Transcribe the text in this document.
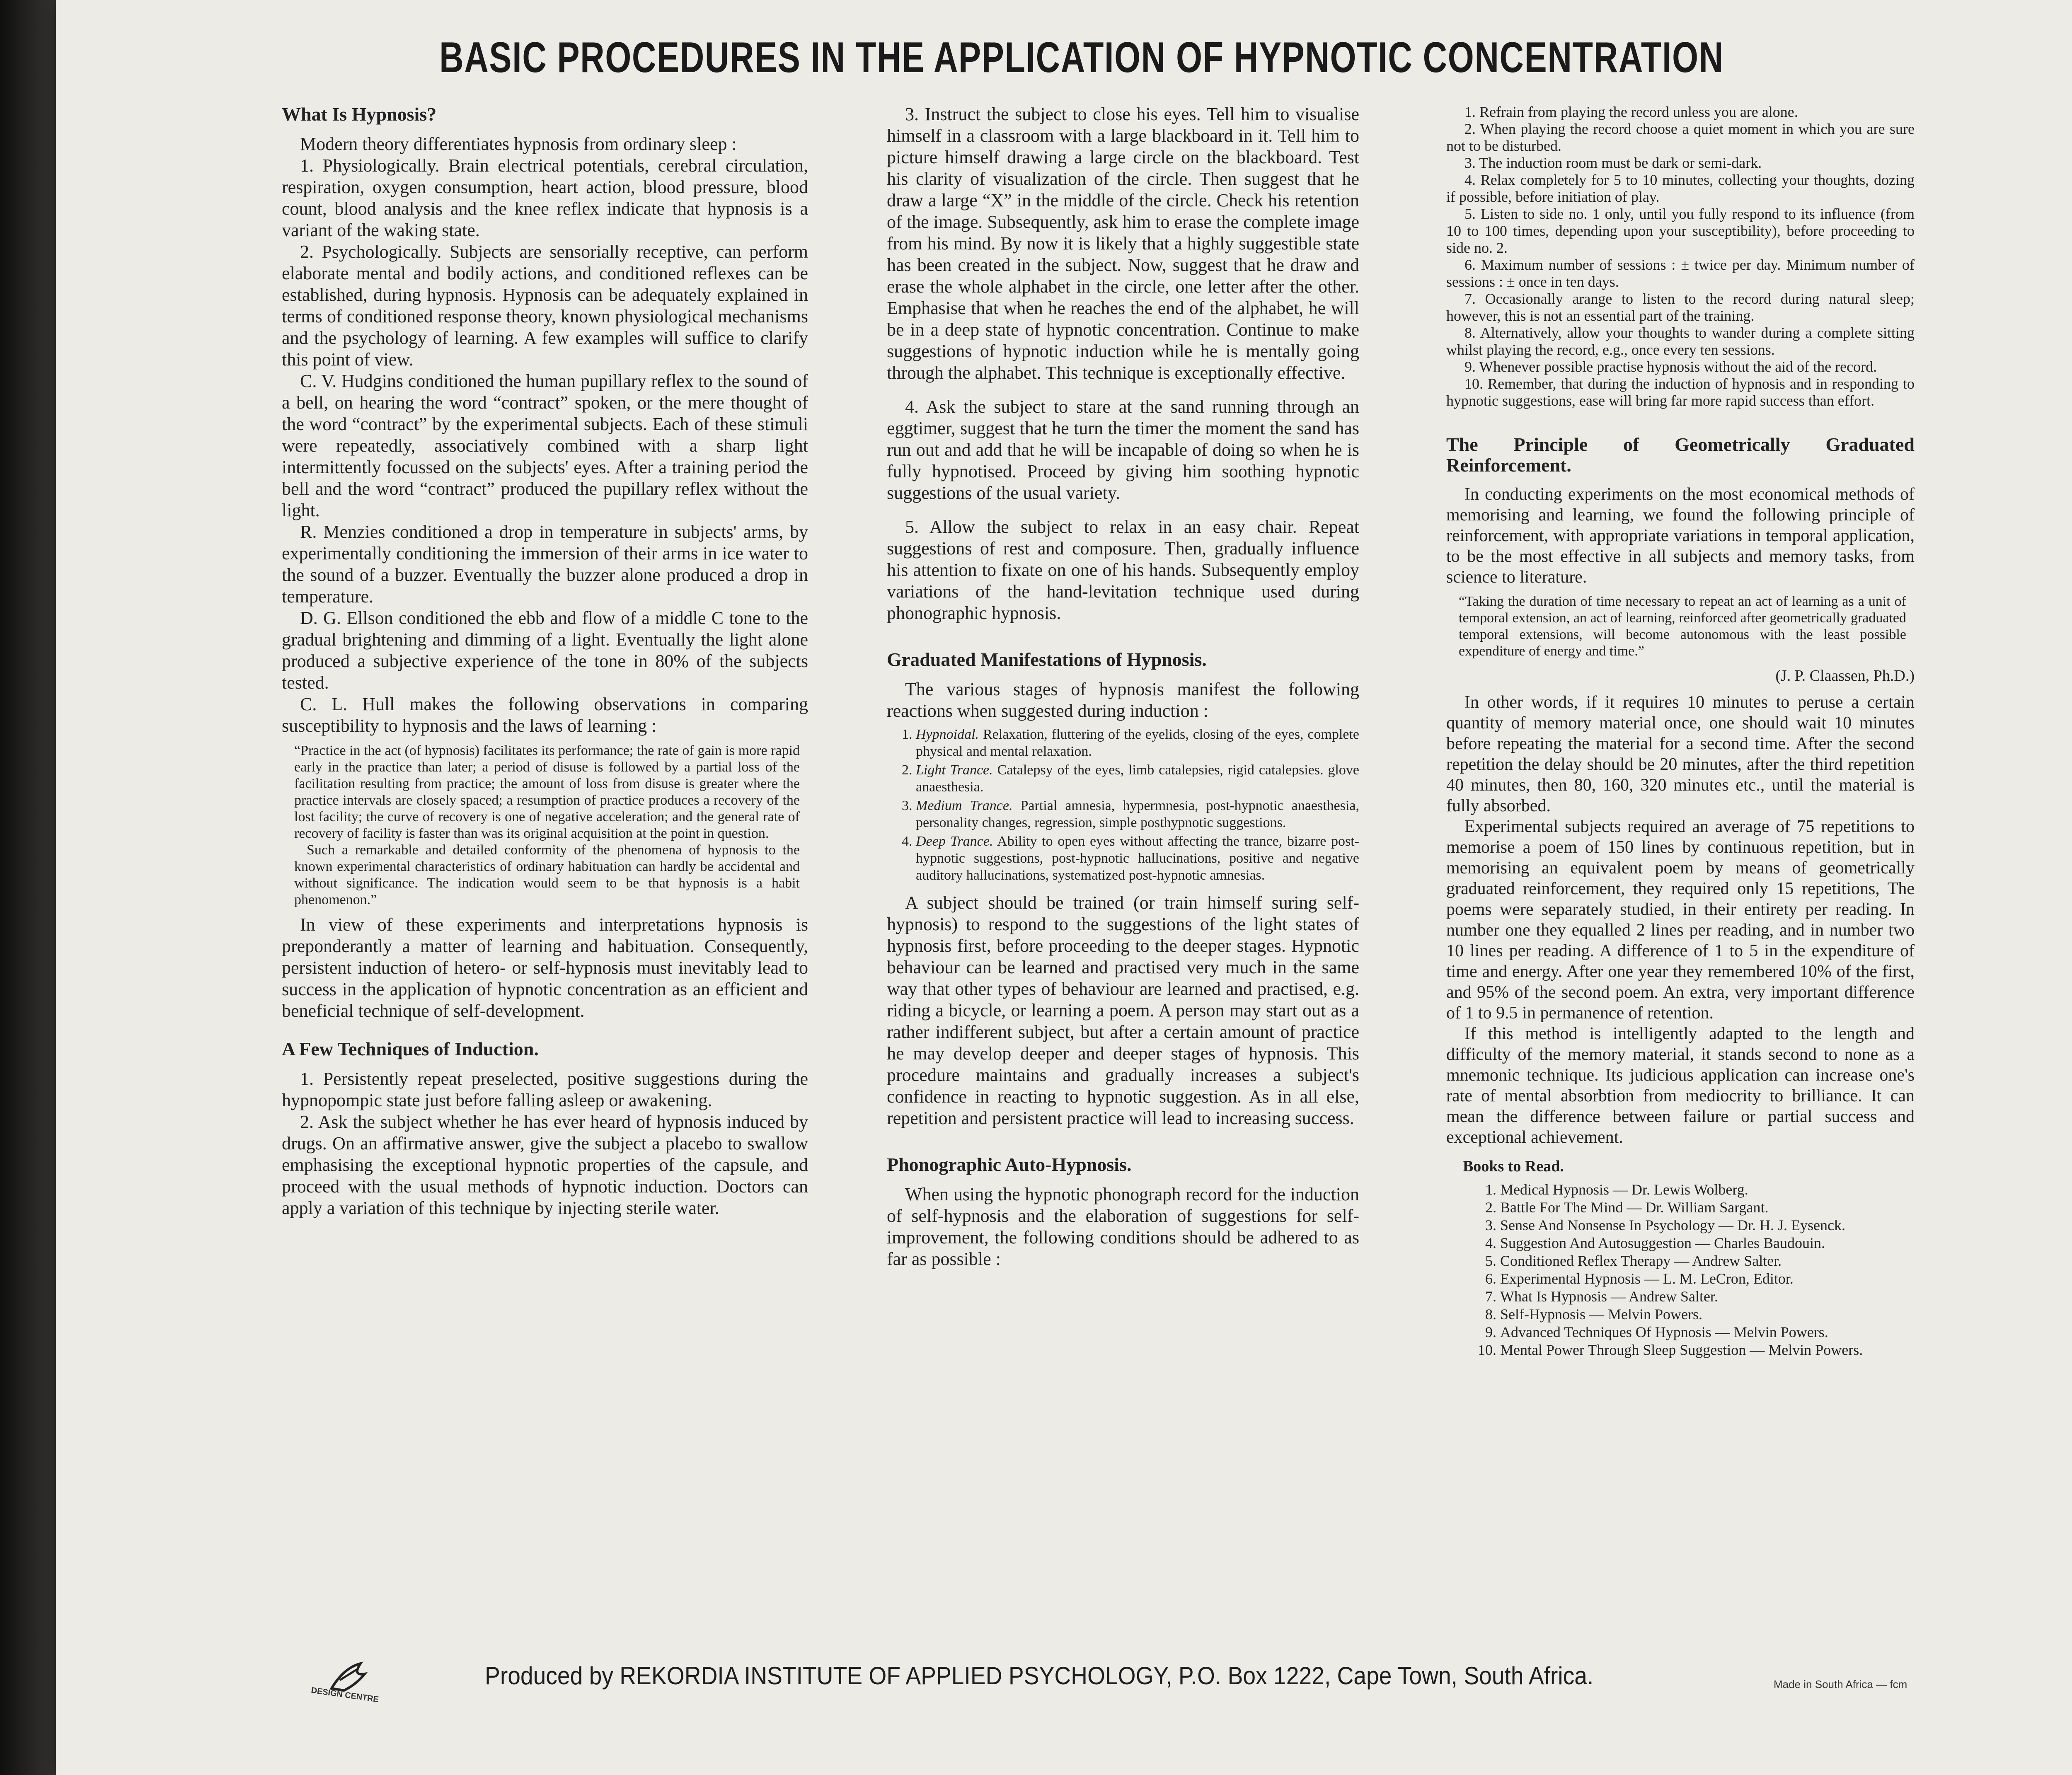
BASIC PROCEDURES IN THE APPLICATION OF HYPNOTIC CONCENTRATION
What Is Hypnosis?

Modern theory differentiates hypnosis from ordinary sleep :

1. Physiologically. Brain electrical potentials, cerebral circulation, respiration, oxygen consumption, heart action, blood pressure, blood count, blood analysis and the knee reflex indicate that hypnosis is a variant of the waking state.

2. Psychologically. Subjects are sensorially receptive, can perform elaborate mental and bodily actions, and conditioned reflexes can be established, during hypnosis. Hypnosis can be adequately explained in terms of conditioned response theory, known physiological mechanisms and the psychology of learning. A few examples will suffice to clarify this point of view.

C. V. Hudgins conditioned the human pupillary reflex to the sound of a bell, on hearing the word “contract” spoken, or the mere thought of the word “contract” by the experimental subjects. Each of these stimuli were repeatedly, associatively combined with a sharp light intermittently focussed on the subjects' eyes. After a training period the bell and the word “contract” produced the pupillary reflex without the light.

R. Menzies conditioned a drop in temperature in subjects' arms, by experimentally conditioning the immersion of their arms in ice water to the sound of a buzzer. Eventually the buzzer alone produced a drop in temperature.

D. G. Ellson conditioned the ebb and flow of a middle C tone to the gradual brightening and dimming of a light. Eventually the light alone produced a subjective experience of the tone in 80% of the subjects tested.

C. L. Hull makes the following observations in comparing susceptibility to hypnosis and the laws of learning :

“Practice in the act (of hypnosis) facilitates its performance; the rate of gain is more rapid early in the practice than later; a period of disuse is followed by a partial loss of the facilitation resulting from practice; the amount of loss from disuse is greater where the practice intervals are closely spaced; a resumption of practice produces a recovery of the lost facility; the curve of recovery is one of negative acceleration; and the general rate of recovery of facility is faster than was its original acquisition at the point in question.

Such a remarkable and detailed conformity of the phenomena of hypnosis to the known experimental characteristics of ordinary habituation can hardly be accidental and without significance. The indication would seem to be that hypnosis is a habit phenomenon.”

In view of these experiments and interpretations hypnosis is preponderantly a matter of learning and habituation. Consequently, persistent induction of hetero- or self-hypnosis must inevitably lead to success in the application of hypnotic concentration as an efficient and beneficial technique of self-development.

A Few Techniques of Induction.

1. Persistently repeat preselected, positive suggestions during the hypnopompic state just before falling asleep or awakening.

2. Ask the subject whether he has ever heard of hypnosis induced by drugs. On an affirmative answer, give the subject a placebo to swallow emphasising the exceptional hypnotic properties of the capsule, and proceed with the usual methods of hypnotic induction. Doctors can apply a variation of this technique by injecting sterile water.

3. Instruct the subject to close his eyes. Tell him to visualise himself in a classroom with a large blackboard in it. Tell him to picture himself drawing a large circle on the blackboard. Test his clarity of visualization of the circle. Then suggest that he draw a large “X” in the middle of the circle. Check his retention of the image. Subsequently, ask him to erase the complete image from his mind. By now it is likely that a highly suggestible state has been created in the subject. Now, suggest that he draw and erase the whole alphabet in the circle, one letter after the other. Emphasise that when he reaches the end of the alphabet, he will be in a deep state of hypnotic concentration. Continue to make suggestions of hypnotic induction while he is mentally going through the alphabet. This technique is exceptionally effective.

4. Ask the subject to stare at the sand running through an eggtimer, suggest that he turn the timer the moment the sand has run out and add that he will be incapable of doing so when he is fully hypnotised. Proceed by giving him soothing hypnotic suggestions of the usual variety.

5. Allow the subject to relax in an easy chair. Repeat suggestions of rest and composure. Then, gradually influence his attention to fixate on one of his hands. Subsequently employ variations of the hand-levitation technique used during phonographic hypnosis.

Graduated Manifestations of Hypnosis.

The various stages of hypnosis manifest the following reactions when suggested during induction :

1. Hypnoidal. Relaxation, fluttering of the eyelids, closing of the eyes, complete physical and mental relaxation.
2. Light Trance. Catalepsy of the eyes, limb catalepsies, rigid catalepsies. glove anaesthesia.
3. Medium Trance. Partial amnesia, hypermnesia, post-hypnotic anaesthesia, personality changes, regression, simple posthypnotic suggestions.
4. Deep Trance. Ability to open eyes without affecting the trance, bizarre post-hypnotic suggestions, post-hypnotic hallucinations, positive and negative auditory hallucinations, systematized post-hypnotic amnesias.

A subject should be trained (or train himself suring self-hypnosis) to respond to the suggestions of the light states of hypnosis first, before proceeding to the deeper stages. Hypnotic behaviour can be learned and practised very much in the same way that other types of behaviour are learned and practised, e.g. riding a bicycle, or learning a poem. A person may start out as a rather indifferent subject, but after a certain amount of practice he may develop deeper and deeper stages of hypnosis. This procedure maintains and gradually increases a subject's confidence in reacting to hypnotic suggestion. As in all else, repetition and persistent practice will lead to increasing success.

Phonographic Auto-Hypnosis.

When using the hypnotic phonograph record for the induction of self-hypnosis and the elaboration of suggestions for self-improvement, the following conditions should be adhered to as far as possible :

1. Refrain from playing the record unless you are alone.

2. When playing the record choose a quiet moment in which you are sure not to be disturbed.

3. The induction room must be dark or semi-dark.

4. Relax completely for 5 to 10 minutes, collecting your thoughts, dozing if possible, before initiation of play.

5. Listen to side no. 1 only, until you fully respond to its influence (from 10 to 100 times, depending upon your susceptibility), before proceeding to side no. 2.

6. Maximum number of sessions : ± twice per day. Minimum number of sessions : ± once in ten days.

7. Occasionally arange to listen to the record during natural sleep; however, this is not an essential part of the training.

8. Alternatively, allow your thoughts to wander during a complete sitting whilst playing the record, e.g., once every ten sessions.

9. Whenever possible practise hypnosis without the aid of the record.

10. Remember, that during the induction of hypnosis and in responding to hypnotic suggestions, ease will bring far more rapid success than effort.

The Principle of Geometrically Graduated Reinforcement.

In conducting experiments on the most economical methods of memorising and learning, we found the following principle of reinforcement, with appropriate variations in temporal application, to be the most effective in all subjects and memory tasks, from science to literature.

“Taking the duration of time necessary to repeat an act of learning as a unit of temporal extension, an act of learning, reinforced after geometrically graduated temporal extensions, will become autonomous with the least possible expenditure of energy and time.”

(J. P. Claassen, Ph.D.)

In other words, if it requires 10 minutes to peruse a certain quantity of memory material once, one should wait 10 minutes before repeating the material for a second time. After the second repetition the delay should be 20 minutes, after the third repetition 40 minutes, then 80, 160, 320 minutes etc., until the material is fully absorbed.

Experimental subjects required an average of 75 repetitions to memorise a poem of 150 lines by continuous repetition, but in memorising an equivalent poem by means of geometrically graduated reinforcement, they required only 15 repetitions, The poems were separately studied, in their entirety per reading. In number one they equalled 2 lines per reading, and in number two 10 lines per reading. A difference of 1 to 5 in the expenditure of time and energy. After one year they remembered 10% of the first, and 95% of the second poem. An extra, very important difference of 1 to 9.5 in permanence of retention.

If this method is intelligently adapted to the length and difficulty of the memory material, it stands second to none as a mnemonic technique. Its judicious application can increase one's rate of mental absorbtion from mediocrity to brilliance. It can mean the difference between failure or partial success and exceptional achievement.

Books to Read.
1. Medical Hypnosis — Dr. Lewis Wolberg.
2. Battle For The Mind — Dr. William Sargant.
3. Sense And Nonsense In Psychology — Dr. H. J. Eysenck.
4. Suggestion And Autosuggestion — Charles Baudouin.
5. Conditioned Reflex Therapy — Andrew Salter.
6. Experimental Hypnosis — L. M. LeCron, Editor.
7. What Is Hypnosis — Andrew Salter.
8. Self-Hypnosis — Melvin Powers.
9. Advanced Techniques Of Hypnosis — Melvin Powers.
10. Mental Power Through Sleep Suggestion — Melvin Powers.
DESIGN CENTRE
Produced by REKORDIA INSTITUTE OF APPLIED PSYCHOLOGY, P.O. Box 1222, Cape Town, South Africa.	Made in South Africa — fcm
